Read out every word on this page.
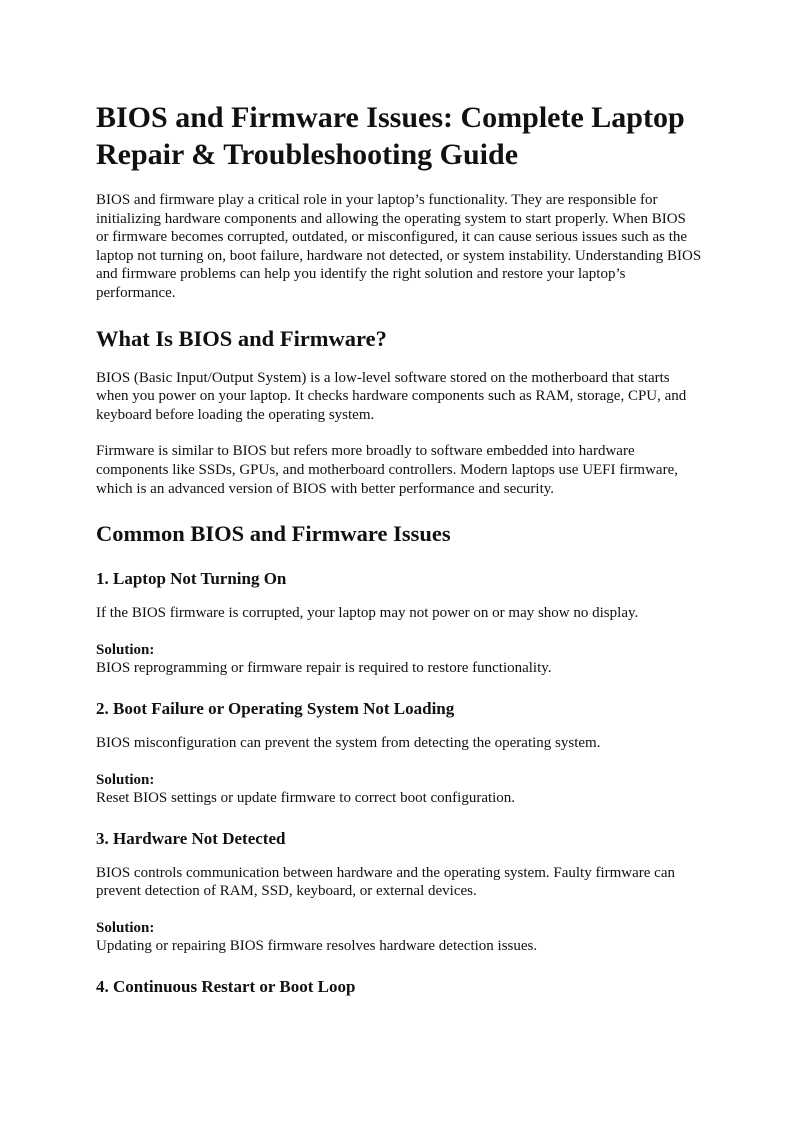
BIOS and Firmware Issues: Complete Laptop Repair & Troubleshooting Guide

BIOS and firmware play a critical role in your laptop’s functionality. They are responsible for initializing hardware components and allowing the operating system to start properly. When BIOS or firmware becomes corrupted, outdated, or misconfigured, it can cause serious issues such as the laptop not turning on, boot failure, hardware not detected, or system instability. Understanding BIOS and firmware problems can help you identify the right solution and restore your laptop’s performance.

What Is BIOS and Firmware?

BIOS (Basic Input/Output System) is a low-level software stored on the motherboard that starts when you power on your laptop. It checks hardware components such as RAM, storage, CPU, and keyboard before loading the operating system.

Firmware is similar to BIOS but refers more broadly to software embedded into hardware components like SSDs, GPUs, and motherboard controllers. Modern laptops use UEFI firmware, which is an advanced version of BIOS with better performance and security.

Common BIOS and Firmware Issues
1. Laptop Not Turning On

If the BIOS firmware is corrupted, your laptop may not power on or may show no display.

Solution:
BIOS reprogramming or firmware repair is required to restore functionality.

2. Boot Failure or Operating System Not Loading

BIOS misconfiguration can prevent the system from detecting the operating system.

Solution:
Reset BIOS settings or update firmware to correct boot configuration.

3. Hardware Not Detected

BIOS controls communication between hardware and the operating system. Faulty firmware can prevent detection of RAM, SSD, keyboard, or external devices.

Solution:
Updating or repairing BIOS firmware resolves hardware detection issues.

4. Continuous Restart or Boot Loop
